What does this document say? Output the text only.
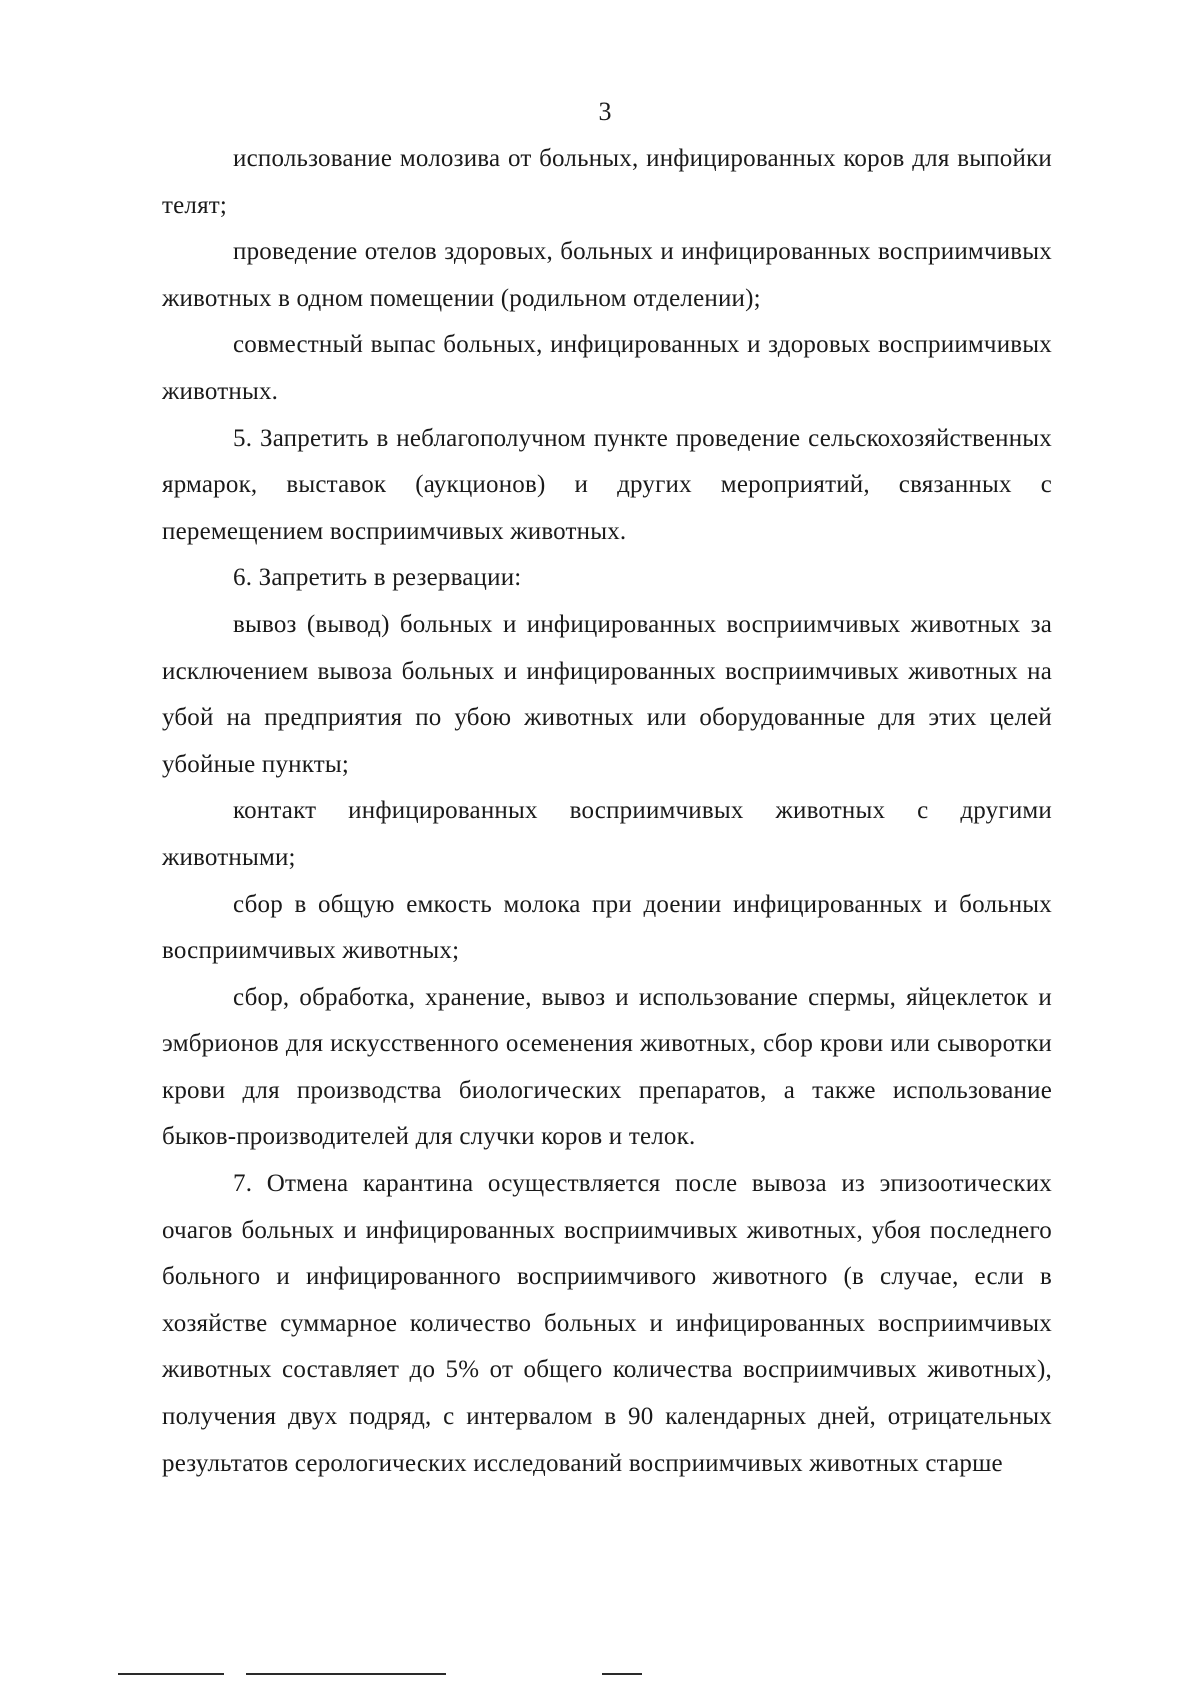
3

использование молозива от больных, инфицированных коров для выпойки телят;

проведение отелов здоровых, больных и инфицированных восприимчивых животных в одном помещении (родильном отделении);

совместный выпас больных, инфицированных и здоровых восприимчивых животных.

5. Запретить в неблагополучном пункте проведение сельскохозяйственных ярмарок, выставок (аукционов) и других мероприятий, связанных с перемещением восприимчивых животных.

6. Запретить в резервации:

вывоз (вывод) больных и инфицированных восприимчивых животных за исключением вывоза больных и инфицированных восприимчивых животных на убой на предприятия по убою животных или оборудованные для этих целей убойные пункты;

контакт инфицированных восприимчивых животных с другими животными;

сбор в общую емкость молока при доении инфицированных и больных восприимчивых животных;

сбор, обработка, хранение, вывоз и использование спермы, яйцеклеток и эмбрионов для искусственного осеменения животных, сбор крови или сыворотки крови для производства биологических препаратов, а также использование быков-производителей для случки коров и телок.

7. Отмена карантина осуществляется после вывоза из эпизоотических очагов больных и инфицированных восприимчивых животных, убоя последнего больного и инфицированного восприимчивого животного (в случае, если в хозяйстве суммарное количество больных и инфицированных восприимчивых животных составляет до 5% от общего количества восприимчивых животных), получения двух подряд, с интервалом в 90 календарных дней, отрицательных результатов серологических исследований восприимчивых животных старше
